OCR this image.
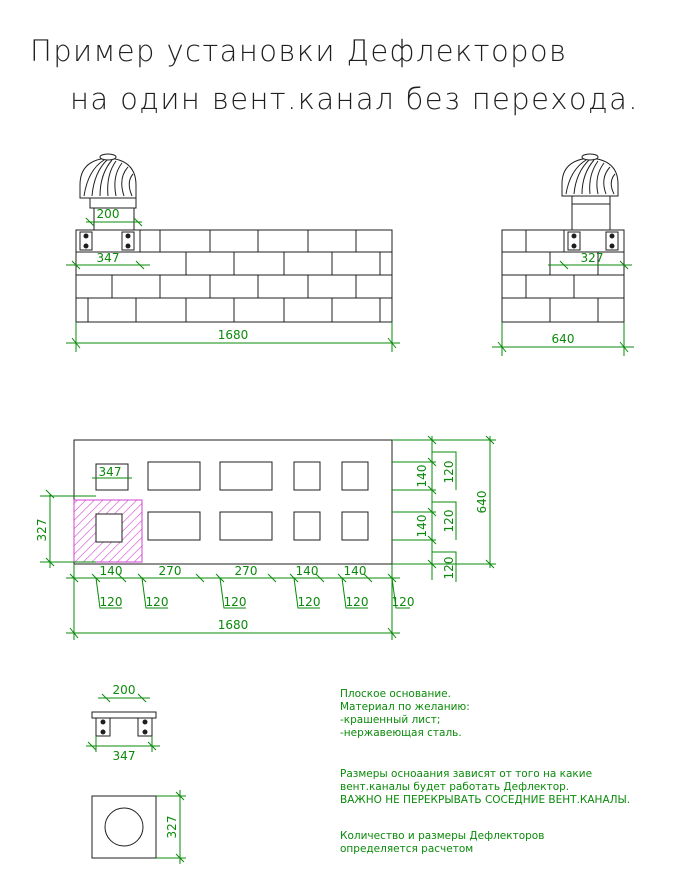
Пример установки Дефлекторов
на один вент.канал без перехода.
200
347
1680
327
640
347
327
140	270	270	140 140
120 120	120	120 120 120
140
140
120
120
120
640
1680
200
347
327
Плоское основание.
Материал по желанию:
-крашенный лист;
-нержавеющая сталь.
Размеры осноаания зависят от того на какие
вент.каналы будет работать Дефлектор.
ВАЖНО НЕ ПЕРЕКРЫВАТЬ СОСЕДНИЕ ВЕНТ.КАНАЛЫ.
Количество и размеры Дефлекторов
определяется расчетом
